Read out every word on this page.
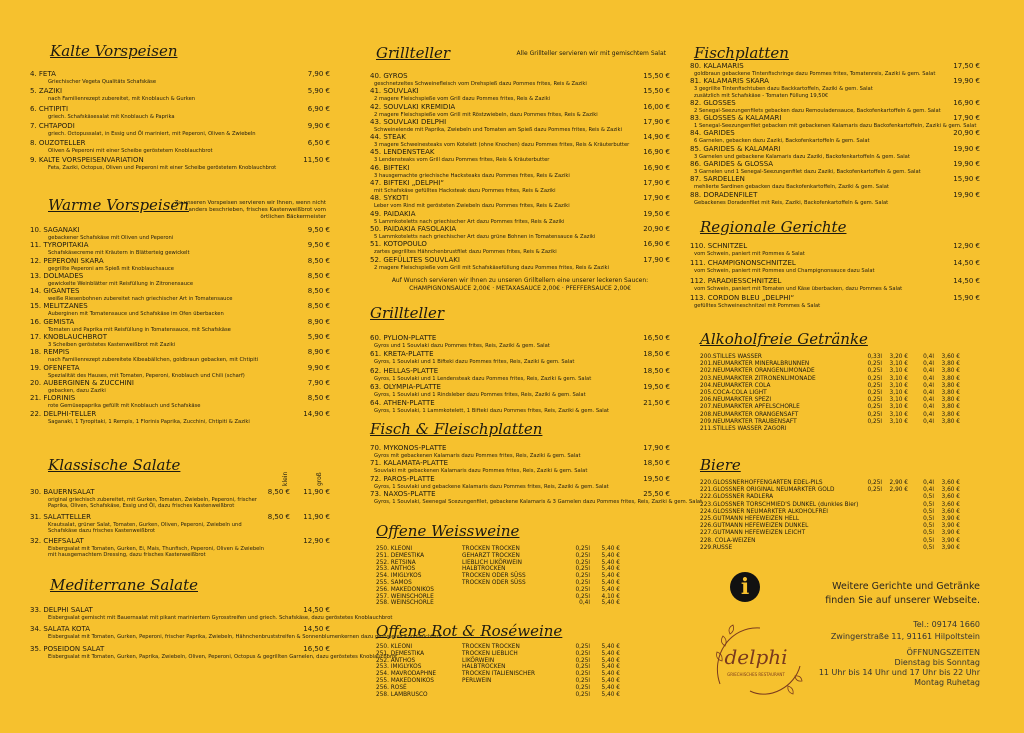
Kalte Vorspeisen
4. FETA	7,90 €
Griechischer Vegeta Qualitäts Schafskäse
5. ZAZIKI	5,90 €
nach Familienrezept zubereitet, mit Knoblauch & Gurken
6. CHTIPITI	6,90 €
griech. Schafskäsesalat mit Knoblauch & Paprika
7. CHTAPODI	9,90 €
griech. Octopussalat, in Essig und Öl mariniert, mit Peperoni, Oliven & Zwiebeln
8. OUZOTELLER	6,50 €
Oliven & Peperoni mit einer Scheibe geröstetem Knoblauchbrot
9. KALTE VORSPEISENVARIATION	11,50 €
Feta, Zaziki, Octopus, Oliven und Peperoni mit einer Scheibe geröstetem Knoblauchbrot
Warme Vorspeisen
Zu unseren Vorspeisen servieren wir Ihnen, wenn nicht anders beschrieben, frisches Kastenweißbrot vom örtlichen Bäckermeister
10. SAGANAKI	9,50 €
gebackener Schafskäse mit Oliven und Peperoni
11. TYROPITAKIA	9,50 €
Schafskäsecreme mit Kräutern in Blätterteig gewickelt
12. PEPERONI SKARA	8,50 €
gegrillte Peperoni am Spieß mit Knoblauchsauce
13. DOLMADES	8,50 €
gewickelte Weinblätter mit Reisfüllung in Zitronensauce
14. GIGANTES	8,50 €
weiße Riesenbohnen zubereitet nach griechischer Art in Tomatensauce
15. MELITZANES	8,50 €
Auberginen mit Tomatensauce und Schafskäse im Ofen überbacken
16. GEMISTA	8,90 €
Tomaten und Paprika mit Reisfüllung in Tomatensauce, mit Schafskäse
17. KNOBLAUCHBROT	5,90 €
3 Scheiben geröstetes Kastenweißbrot mit Zaziki
18. REMPIS	8,90 €
nach Familienrezept zubereitete Kibeabällchen, goldbraun gebacken, mit Chtipiti
19. OFENFETA	9,90 €
Spezialität des Hauses, mit Tomaten, Peperoni, Knoblauch und Chili (scharf)
20. AUBERGINEN & ZUCCHINI	7,90 €
gebacken, dazu Zaziki
21. FLORINIS	8,50 €
rote Gemüsepaprika gefüllt mit Knoblauch und Schafskäse
22. DELPHI-TELLER	14,90 €
Saganaki, 1 Tyropitaki, 1 Rempis, 1 Florinis Paprika, Zucchini, Chtipiti & Zaziki
Klassische Salate
klein	groß
30. BAUERNSALAT	8,50 €	11,90 €
original griechisch zubereitet, mit Gurken, Tomaten, Zwiebeln, Peperoni, frischer Paprika, Oliven, Schafskäse, Essig und Öl, dazu frisches Kastenweißbrot
31. SALATTELLER	8,50 €	11,90 €
Krautsalat, grüner Salat, Tomaten, Gurken, Oliven, Peperoni, Zwiebeln und Schafskäse dazu frisches Kastenweißbrot
32. CHEFSALAT	12,90 €
Eisbergsalat mit Tomaten, Gurken, Ei, Mais, Thunfisch, Peperoni, Oliven & Zwiebeln mit hausgemachtem Dressing, dazu frisches Kastenweißbrot
Mediterrane Salate
33. DELPHI SALAT	14,50 €
Eisbergsalat gemischt mit Bauernsalat mit pikant mariniertem Gyrosstreifen und griech. Schafskäse, dazu geröstetes Knoblauchbrot
34. SALATA KOTA	14,50 €
Eisbergsalat mit Tomaten, Gurken, Peperoni, frischer Paprika, Zwiebeln, Hähnchenbruststreifen & Sonnenblumenkernen dazu geröstetes Knoblauchbrot
35. POSEIDON SALAT	16,50 €
Eisbergsalat mit Tomaten, Gurken, Paprika, Zwiebeln, Oliven, Peperoni, Octopus & gegrillten Garnelen, dazu geröstetes Knoblauchbrot
Grillteller	Alle Grillteller servieren wir mit gemischtem Salat
40. GYROS	15,50 €
geschnetzeltes Schweinefleisch vom Drehspieß dazu Pommes frites, Reis & Zaziki
41. SOUVLAKI	15,50 €
2 magere Fleischspieße vom Grill dazu Pommes frites, Reis & Zaziki
42. SOUVLAKI KREMIDIA	16,00 €
2 magere Fleischspieße vom Grill mit Röstzwiebeln, dazu Pommes frites, Reis & Zaziki
43. SOUVLAKI DELPHI	17,90 €
Schweinelende mit Paprika, Zwiebeln und Tomaten am Spieß dazu Pommes frites, Reis & Zaziki
44. STEAK	14,90 €
3 magere Schweinesteaks vom Kotelett (ohne Knochen) dazu Pommes frites, Reis & Kräuterbutter
45. LENDENSTEAK	16,90 €
3 Lendensteaks vom Grill dazu Pommes frites, Reis & Kräuterbutter
46. BIFTEKI	16,90 €
3 hausgemachte griechische Hacksteaks dazu Pommes frites, Reis & Zaziki
47. BIFTEKI „DELPHI“	17,90 €
mit Schafskäse gefülltes Hacksteak dazu Pommes frites, Reis & Zaziki
48. SYKOTI	17,90 €
Leber vom Rind mit gerösteten Zwiebeln dazu Pommes frites, Reis & Zaziki
49. PAIDAKIA	19,50 €
5 Lammkoteletts nach griechischer Art dazu Pommes frites, Reis & Zaziki
50. PAIDAKIA FASOLAKIA	20,90 €
5 Lammkoteletts nach griechischer Art dazu grüne Bohnen in Tomatensauce & Zaziki
51. KOTOPOULO	16,90 €
zartes gegrilltes Hähnchenbrustfilet dazu Pommes frites, Reis & Zaziki
52. GEFÜLLTES SOUVLAKI	17,90 €
2 magere Fleischspieße vom Grill mit Schafskäsefüllung dazu Pommes frites, Reis & Zaziki
Auf Wunsch servieren wir Ihnen zu unseren Grilltellern eine unserer leckeren Saucen:
CHAMPIGNONSAUCE 2,00€ · METAXASAUCE 2,00€ · PFEFFERSAUCE 2,00€
Grillteller
60. PYLION-PLATTE	16,50 €
Gyros und 1 Souvlaki dazu Pommes frites, Reis, Zaziki & gem. Salat
61. KRETA-PLATTE	18,50 €
Gyros, 1 Souvlaki und 1 Bifteki dazu Pommes frites, Reis, Zaziki & gem. Salat
62. HELLAS-PLATTE	18,50 €
Gyros, 1 Souvlaki und 1 Lendensteak dazu Pommes frites, Reis, Zaziki & gem. Salat
63. OLYMPIA-PLATTE	19,50 €
Gyros, 1 Souvlaki und 1 Rindsleber dazu Pommes frites, Reis, Zaziki & gem. Salat
64. ATHEN-PLATTE	21,50 €
Gyros, 1 Souvlaki, 1 Lammkotelett, 1 Bifteki dazu Pommes frites, Reis, Zaziki & gem. Salat
Fisch & Fleischplatten
70. MYKONOS-PLATTE	17,90 €
Gyros mit gebackenen Kalamaris dazu Pommes frites, Reis, Zaziki & gem. Salat
71. KALAMATA-PLATTE	18,50 €
Souvlaki mit gebackenen Kalamaris dazu Pommes frites, Reis, Zaziki & gem. Salat
72. PAROS-PLATTE	19,50 €
Gyros, 1 Souvlaki und gebackene Kalamaris dazu Pommes frites, Reis, Zaziki & gem. Salat
73. NAXOS-PLATTE	25,50 €
Gyros, 1 Souvlaki, Seenegal Scezungenfilet, gebackene Kalamaris & 3 Garnelen dazu Pommes frites, Reis, Zaziki & gem. Salat
Offene Weissweine
250. KLEONI	TROCKEN TROCKEN	0,25l	5,40 €
251. DEMESTIKA	GEHARZT TROCKEN	0,25l	5,40 €
252. RETSINA	LIEBLICH LIKÖRWEIN	0,25l	5,40 €
253. ANTHOS	HALBTROCKEN	0,25l	5,40 €
254. IMIGLYKOS	TROCKEN ODER SÜSS	0,25l	5,40 €
255. SAMOS	TROCKEN ODER SÜSS	0,25l	5,40 €
256. MAKEDONIKOS	0,25l	5,40 €
257. WEINSCHORLE	0,25l	4,10 €
258. WEINSCHORLE	0,4l	5,40 €
Offene Rot & Roséweine
250. KLEONI	TROCKEN TROCKEN	0,25l	5,40 €
251. DEMESTIKA	TROCKEN LIEBLICH	0,25l	5,40 €
252. ANTHOS	LIKÖRWEIN	0,25l	5,40 €
253. IMIGLYKOS	HALBTROCKEN	0,25l	5,40 €
254. MAVRODAPHNE	TROCKEN ITALIENISCHER	0,25l	5,40 €
255. MAKEDONIKOS	PERLWEIN	0,25l	5,40 €
256. ROSÉ	0,25l	5,40 €
258. LAMBRUSCO	0,25l	5,40 €
Fischplatten
80. KALAMARIS	17,50 €
goldbraun gebackene Tintenfischringe dazu Pommes frites, Tomatenreis, Zaziki & gem. Salat
81. KALAMARIS SKARA	19,90 €
3 gegrillte Tintenfischtuben dazu Backkartoffeln, Zaziki & gem. Salat
zusätzlich mit Schafskäse - Tomaten Füllung 19,50€
82. GLOSSES	16,90 €
2 Senegal-Seezungenfilets gebacken dazu Remouladensauce, Backofenkartoffeln & gem. Salat
83. GLOSSES & KALAMARI	17,90 €
1 Senegal-Seezungenfilet gebacken mit gebackenen Kalamaris dazu Backofenkartoffeln, Zaziki & gem. Salat
84. GARIDES	20,90 €
6 Garnelen, gebacken dazu Zaziki, Backofenkartoffeln & gem. Salat
85. GARIDES & KALAMARI	19,90 €
3 Garnelen und gebackene Kalamaris dazu Zaziki, Backofenkartoffeln & gem. Salat
86. GARIDES & GLOSSA	19,90 €
3 Garnelen und 1 Senegal-Seezungenfilet dazu Zaziki, Backofenkartoffeln & gem. Salat
87. SARDELLEN	15,90 €
mehlierte Sardinen gebacken dazu Backofenkartoffeln, Zaziki & gem. Salat
88. DORADENFILET	19,90 €
Gebackenes Doradenfilet mit Reis, Zaziki, Backofenkartoffeln & gem. Salat
Regionale Gerichte
110. SCHNITZEL	12,90 €
vom Schwein, paniert mit Pommes & Salat
111. CHAMPIGNONSCHNITZEL	14,50 €
vom Schwein, paniert mit Pommes und Champignonsauce dazu Salat
112. PARADIESSCHNITZEL	14,50 €
vom Schwein, paniert mit Tomaten und Käse überbacken, dazu Pommes & Salat
113. CORDON BLEU „DELPHI“	15,90 €
gefülltes Schweineschnitzel mit Pommes & Salat
Alkoholfreie Getränke
200.STILLES WASSER	0,33l	3,20 €	0,4l	3,60 €
201.NEUMARKTER MINERALBRUNNEN	0,25l	3,10 €	0,4l	3,80 €
202.NEUMARKTER ORANGENLIMONADE	0,25l	3,10 €	0,4l	3,80 €
203.NEUMARKTER ZITRONENLIMONADE	0,25l	3,10 €	0,4l	3,80 €
204.NEUMARKTER COLA	0,25l	3,10 €	0,4l	3,80 €
205.COCA-COLA LIGHT	0,25l	3,10 €	0,4l	3,80 €
206.NEUMARKTER SPEZI	0,25l	3,10 €	0,4l	3,80 €
207.NEUMARKTER APFELSCHORLE	0,25l	3,10 €	0,4l	3,80 €
208.NEUMARKTER ORANGENSAFT	0,25l	3,10 €	0,4l	3,80 €
209.NEUMARKTER TRAUBENSAFT	0,25l	3,10 €	0,4l	3,80 €
211.STILLES WASSER ZAGORI
Biere
220.GLOSSNERHOFFENGARTEN EDEL-PILS	0,25l	2,90 €	0,4l	3,60 €
221.GLOSSNER ORIGINAL NEUMARKTER GOLD	0,25l	2,90 €	0,4l	3,60 €
222.GLOSSNER RADLERA	0,5l	3,60 €
223.GLOSSNER TORSCHMIED'S DUNKEL (dunkles Bier)	0,5l	3,60 €
224.GLOSSNER NEUMARKTER ALKOHOLFREI	0,5l	3,60 €
225.GUTMANN HEFEWEIZEN HELL	0,5l	3,90 €
226.GUTMANN HEFEWEIZEN DUNKEL	0,5l	3,90 €
227.GUTMANN HEFEWEIZEN LEICHT	0,5l	3,90 €
228. COLA-WEIZEN	0,5l	3,90 €
229.RUSSE	0,5l	3,90 €
i	Weitere Gerichte und Getränke
finden Sie auf unserer Webseite.
Tel.: 09174 1660
Zwingerstraße 11, 91161 Hilpoltstein
ÖFFNUNGSZEITEN
Dienstag bis Sonntag
11 Uhr bis 14 Uhr und 17 Uhr bis 22 Uhr
Montag Ruhetag
delphi
GRIECHISCHES RESTAURANT
